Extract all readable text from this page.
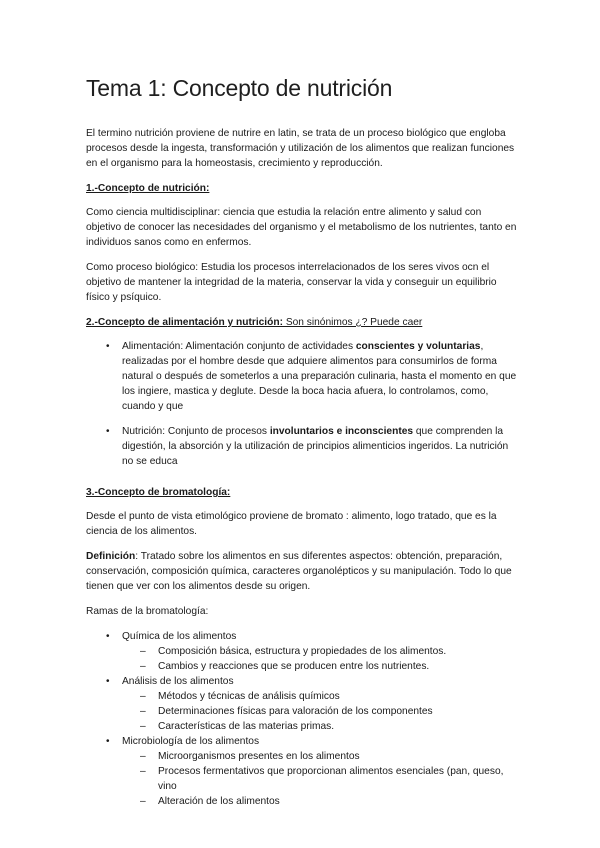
Tema 1: Concepto de nutrición

El termino nutrición proviene de nutrire en latin, se trata de un proceso biológico que engloba procesos desde la ingesta, transformación y utilización de los alimentos que realizan funciones en el organismo para la homeostasis, crecimiento y reproducción.

1.-Concepto de nutrición:

Como ciencia multidisciplinar: ciencia que estudia la relación entre alimento y salud con objetivo de conocer las necesidades del organismo y el metabolismo de los nutrientes, tanto en individuos sanos como en enfermos.

Como proceso biológico: Estudia los procesos interrelacionados de los seres vivos ocn el objetivo de mantener la integridad de la materia, conservar la vida y conseguir un equilibrio físico y psíquico.

2.-Concepto de alimentación y nutrición: Son sinónimos ¿? Puede caer

• Alimentación: Alimentación conjunto de actividades conscientes y voluntarias, realizadas por el hombre desde que adquiere alimentos para consumirlos de forma natural o después de someterlos a una preparación culinaria, hasta el momento en que los ingiere, mastica y deglute. Desde la boca hacia afuera, lo controlamos, como, cuando y que
• Nutrición: Conjunto de procesos involuntarios e inconscientes que comprenden la digestión, la absorción y la utilización de principios alimenticios ingeridos. La nutrición no se educa

3.-Concepto de bromatología:

Desde el punto de vista etimológico proviene de bromato : alimento, logo tratado, que es la ciencia de los alimentos.

Definición: Tratado sobre los alimentos en sus diferentes aspectos: obtención, preparación, conservación, composición química, caracteres organolépticos y su manipulación. Todo lo que tienen que ver con los alimentos desde su origen.

Ramas de la bromatología:

• Química de los alimentos
– Composición básica, estructura y propiedades de los alimentos.
– Cambios y reacciones que se producen entre los nutrientes.
• Análisis de los alimentos
– Métodos y técnicas de análisis químicos
– Determinaciones físicas para valoración de los componentes
– Características de las materias primas.
• Microbiología de los alimentos
– Microorganismos presentes en los alimentos
– Procesos fermentativos que proporcionan alimentos esenciales (pan, queso, vino
– Alteración de los alimentos
